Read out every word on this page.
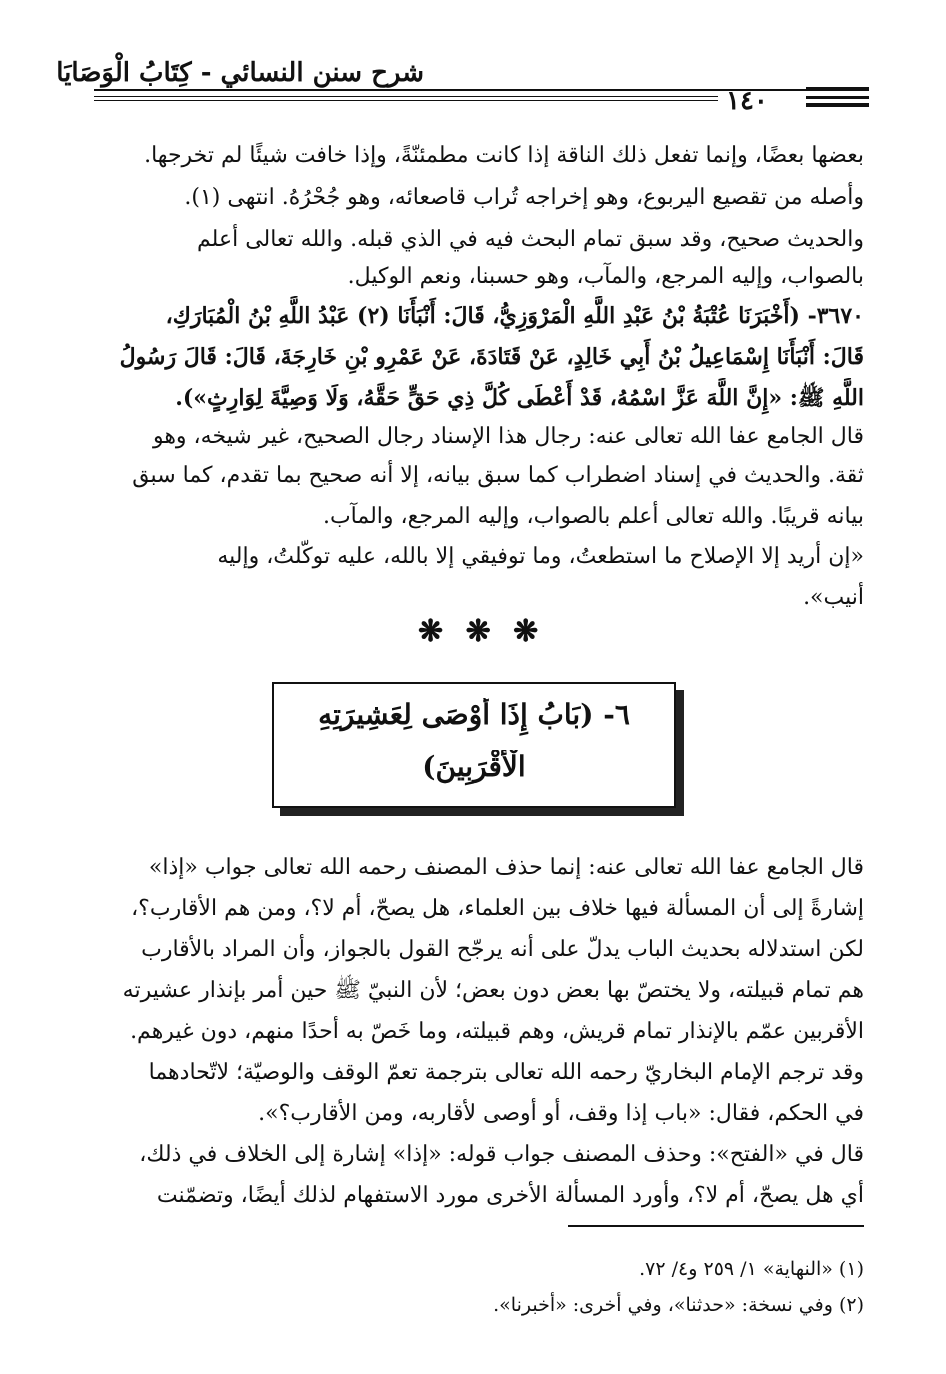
شرح سنن النسائي - كِتَابُ الْوَصَايَا
١٤٠
بعضها بعضًا، وإنما تفعل ذلك الناقة إذا كانت مطمئنّةً، وإذا خافت شيئًا لم تخرجها.
وأصله من تقصيع اليربوع، وهو إخراجه تُراب قاصعائه، وهو جُحْرُهُ. انتهى (١).
والحديث صحيح، وقد سبق تمام البحث فيه في الذي قبله. والله تعالى أعلم
بالصواب، وإليه المرجع، والمآب، وهو حسبنا، ونعم الوكيل.
٣٦٧٠- (أَخْبَرَنَا عُتْبَةُ بْنُ عَبْدِ اللَّهِ الْمَرْوَزِيُّ، قَالَ: أَنْبَأَنَا (٢) عَبْدُ اللَّهِ بْنُ الْمُبَارَكِ،
قَالَ: أَنْبَأَنَا إِسْمَاعِيلُ بْنُ أَبِي خَالِدٍ، عَنْ قَتَادَةَ، عَنْ عَمْرِو بْنِ خَارِجَةَ، قَالَ: قَالَ رَسُولُ
اللَّهِ ﷺ: «إِنَّ اللَّهَ عَزَّ اسْمُهُ، قَدْ أَعْطَى كُلَّ ذِي حَقٍّ حَقَّهُ، وَلَا وَصِيَّةَ لِوَارِثٍ»).
قال الجامع عفا الله تعالى عنه: رجال هذا الإسناد رجال الصحيح، غير شيخه، وهو
ثقة. والحديث في إسناد اضطراب كما سبق بيانه، إلا أنه صحيح بما تقدم، كما سبق
بيانه قريبًا. والله تعالى أعلم بالصواب، وإليه المرجع، والمآب.
«إن أريد إلا الإصلاح ما استطعتُ، وما توفيقي إلا بالله، عليه توكّلتُ، وإليه
أنيب».
❋ ❋ ❋
٦- (بَابُ إِذَا أَوْصَى لِعَشِيرَتِهِ
الْأَقْرَبِينَ)
قال الجامع عفا الله تعالى عنه: إنما حذف المصنف رحمه الله تعالى جواب «إذا»
إشارةً إلى أن المسألة فيها خلاف بين العلماء، هل يصحّ، أم لا؟، ومن هم الأقارب؟،
لكن استدلاله بحديث الباب يدلّ على أنه يرجّح القول بالجواز، وأن المراد بالأقارب
هم تمام قبيلته، ولا يختصّ بها بعض دون بعض؛ لأن النبيّ ﷺ حين أمر بإنذار عشيرته
الأقربين عمّم بالإنذار تمام قريش، وهم قبيلته، وما خَصّ به أحدًا منهم، دون غيرهم.
وقد ترجم الإمام البخاريّ رحمه الله تعالى بترجمة تعمّ الوقف والوصيّة؛ لاتّحادهما
في الحكم، فقال: «باب إذا وقف، أو أوصى لأقاربه، ومن الأقارب؟».
قال في «الفتح»: وحذف المصنف جواب قوله: «إذا» إشارة إلى الخلاف في ذلك،
أي هل يصحّ، أم لا؟، وأورد المسألة الأخرى مورد الاستفهام لذلك أيضًا، وتضمّنت
(١) «النهاية» ١/ ٢٥٩ و٤/ ٧٢.
(٢) وفي نسخة: «حدثنا»، وفي أخرى: «أخبرنا».
